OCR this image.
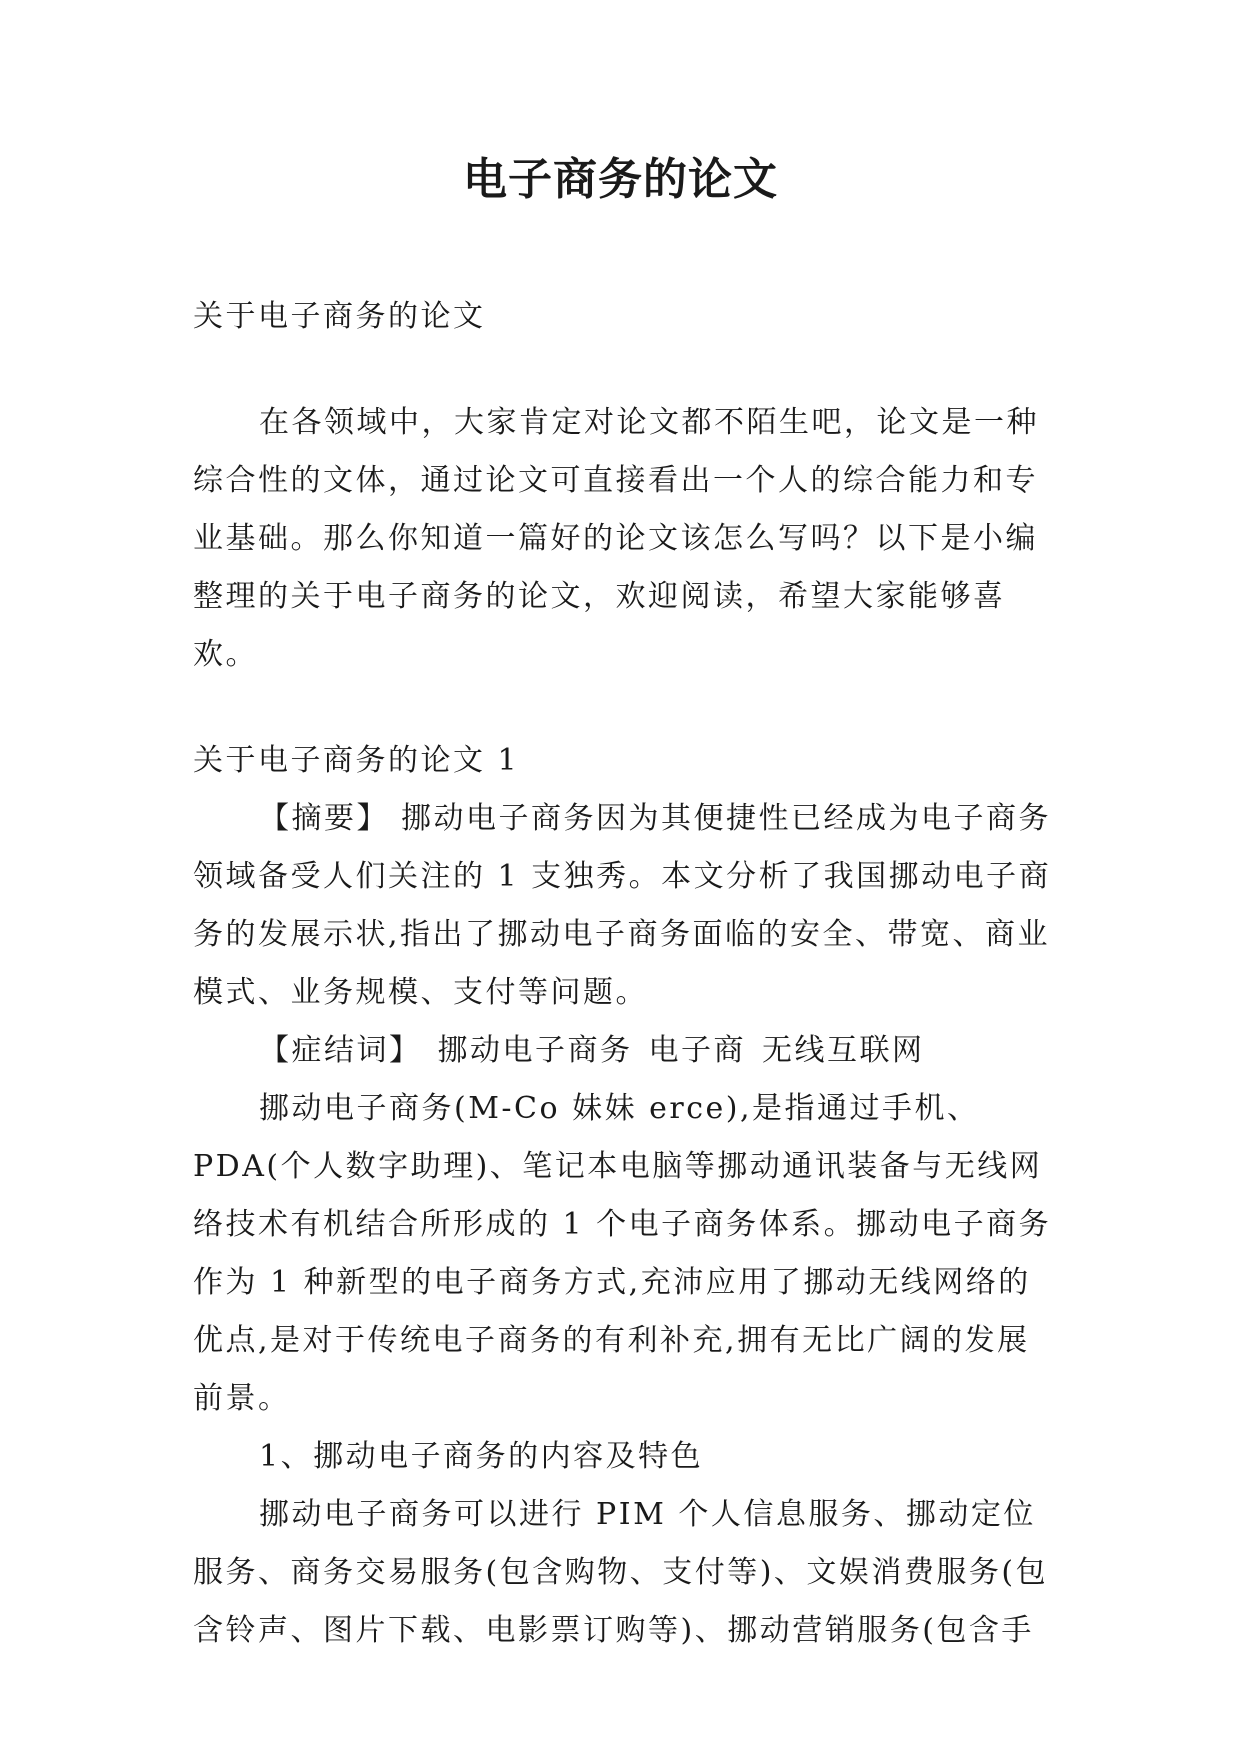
电子商务的论文

关于电子商务的论文

在各领域中，大家肯定对论文都不陌生吧，论文是一种综合性的文体，通过论文可直接看出一个人的综合能力和专业基础。那么你知道一篇好的论文该怎么写吗？以下是小编整理的关于电子商务的论文，欢迎阅读，希望大家能够喜欢。

关于电子商务的论文 1

【摘要】 挪动电子商务因为其便捷性已经成为电子商务领域备受人们关注的 1 支独秀。本文分析了我国挪动电子商务的发展示状,指出了挪动电子商务面临的安全、带宽、商业模式、业务规模、支付等问题。

【症结词】 挪动电子商务 电子商 无线互联网

挪动电子商务(M-Co 妹妹 erce),是指通过手机、PDA(个人数字助理)、笔记本电脑等挪动通讯装备与无线网络技术有机结合所形成的 1 个电子商务体系。挪动电子商务作为 1 种新型的电子商务方式,充沛应用了挪动无线网络的优点,是对于传统电子商务的有利补充,拥有无比广阔的发展前景。

1、挪动电子商务的内容及特色

挪动电子商务可以进行 PIM 个人信息服务、挪动定位服务、商务交易服务(包含购物、支付等)、文娱消费服务(包含铃声、图片下载、电影票订购等)、挪动营销服务(包含手
